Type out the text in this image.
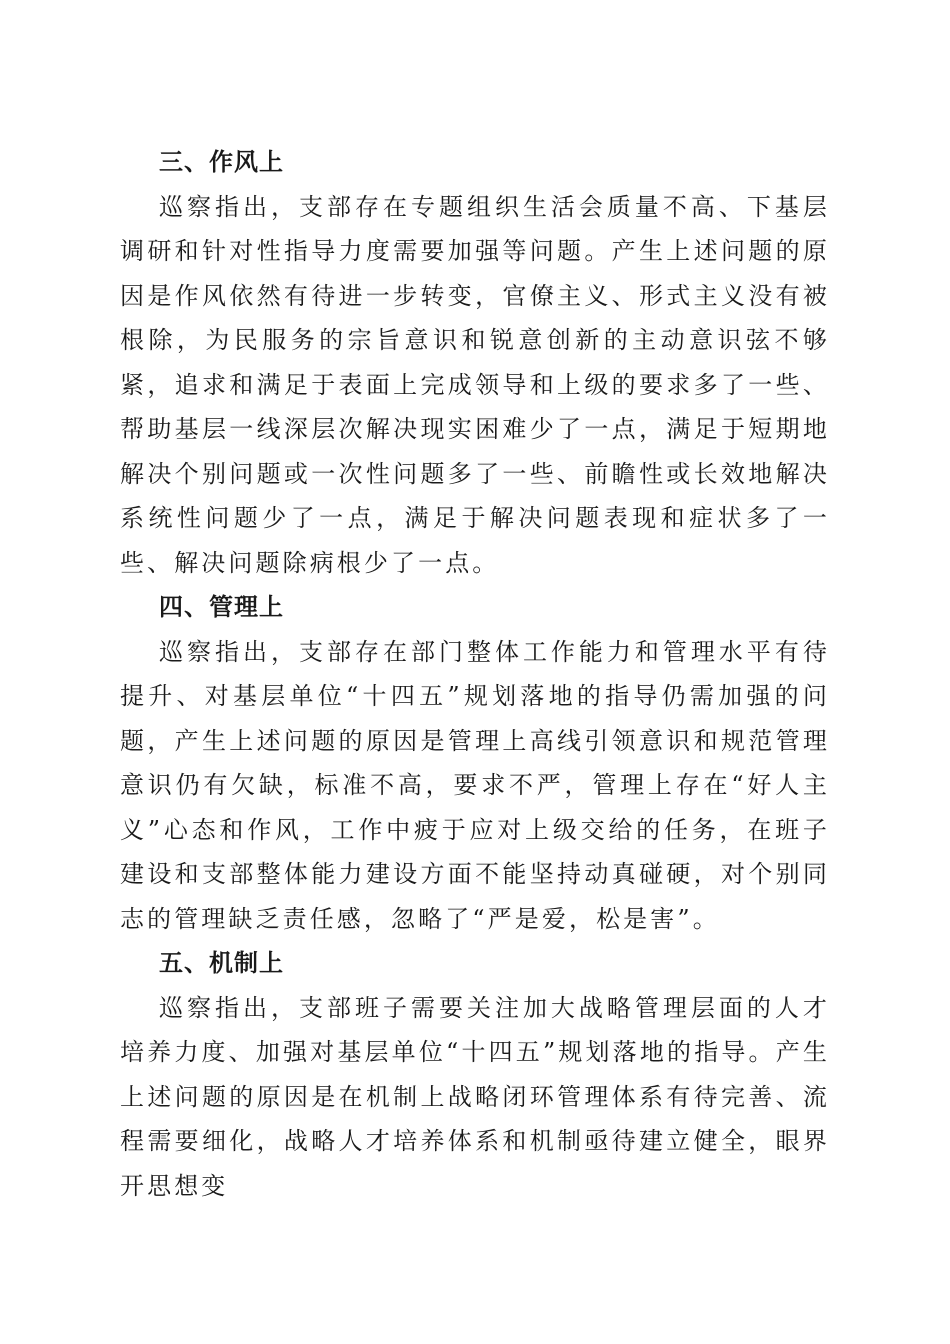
三、作风上

巡察指出，支部存在专题组织生活会质量不高、下基层调研和针对性指导力度需要加强等问题。产生上述问题的原因是作风依然有待进一步转变，官僚主义、形式主义没有被根除，为民服务的宗旨意识和锐意创新的主动意识弦不够紧，追求和满足于表面上完成领导和上级的要求多了一些、帮助基层一线深层次解决现实困难少了一点，满足于短期地解决个别问题或一次性问题多了一些、前瞻性或长效地解决系统性问题少了一点，满足于解决问题表现和症状多了一些、解决问题除病根少了一点。

四、管理上

巡察指出，支部存在部门整体工作能力和管理水平有待提升、对基层单位“十四五”规划落地的指导仍需加强的问题，产生上述问题的原因是管理上高线引领意识和规范管理意识仍有欠缺，标准不高，要求不严，管理上存在“好人主义”心态和作风，工作中疲于应对上级交给的任务，在班子建设和支部整体能力建设方面不能坚持动真碰硬，对个别同志的管理缺乏责任感，忽略了“严是爱，松是害”。

五、机制上

巡察指出，支部班子需要关注加大战略管理层面的人才培养力度、加强对基层单位“十四五”规划落地的指导。产生上述问题的原因是在机制上战略闭环管理体系有待完善、流程需要细化，战略人才培养体系和机制亟待建立健全，眼界开思想变
